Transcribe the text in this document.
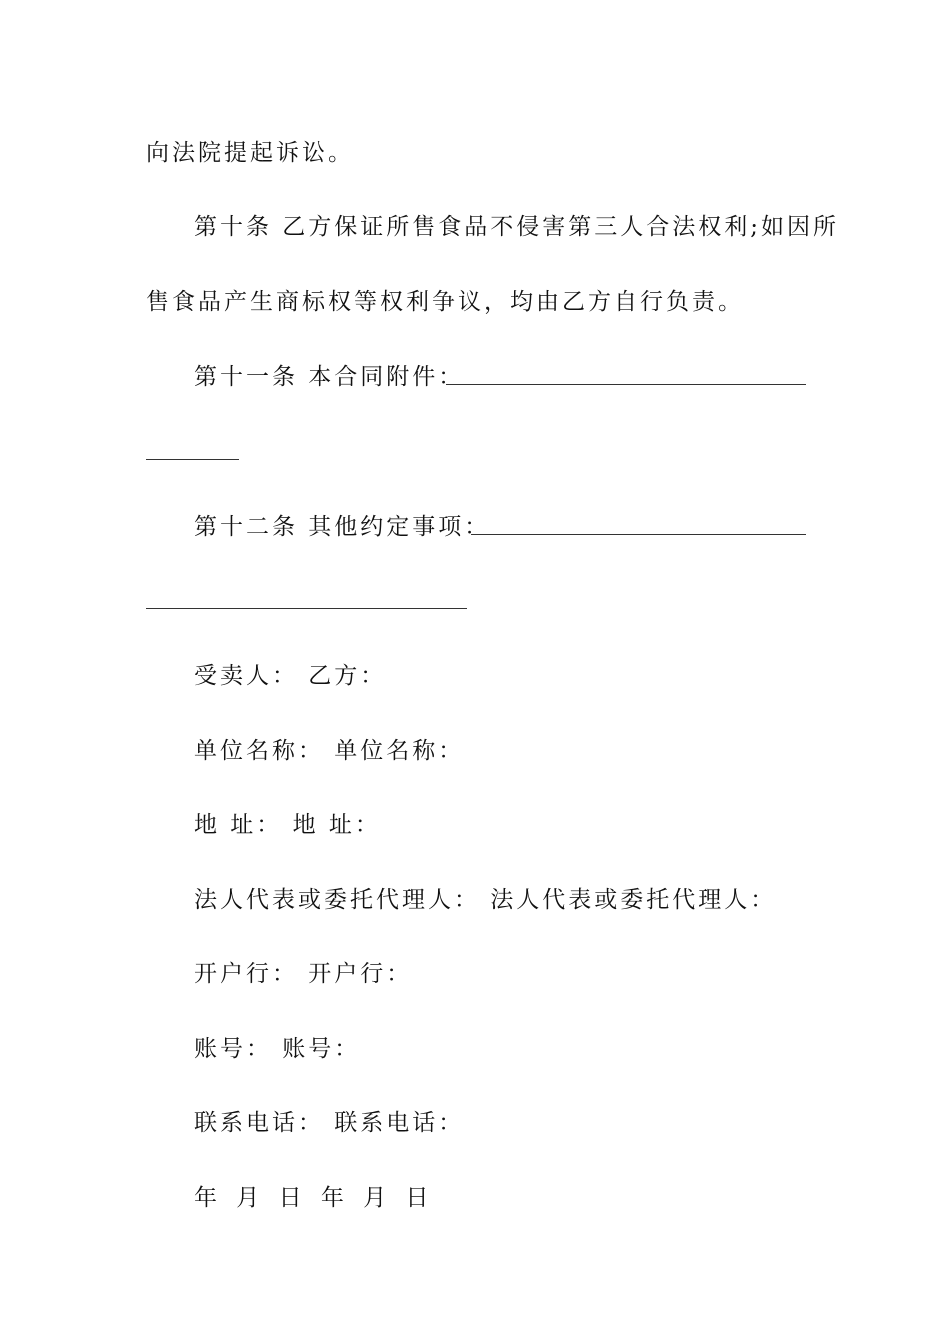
向法院提起诉讼。
第十条 乙方保证所售食品不侵害第三人合法权利;如因所
售食品产生商标权等权利争议，均由乙方自行负责。
第十一条 本合同附件：
第十二条 其他约定事项：
受卖人： 乙方：
单位名称： 单位名称：
地 址： 地 址：
法人代表或委托代理人： 法人代表或委托代理人：
开户行： 开户行：
账号： 账号：
联系电话： 联系电话：
年 月 日 年 月 日
